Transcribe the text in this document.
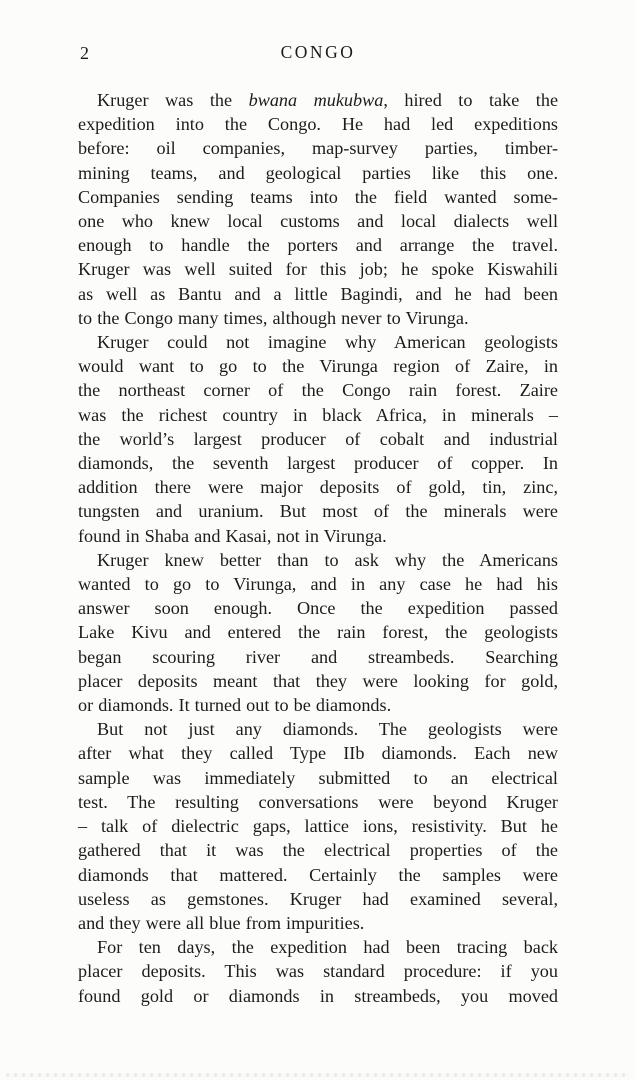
2	CONGO
Kruger was the bwana mukubwa, hired to take the
expedition into the Congo. He had led expeditions
before: oil companies, map-survey parties, timber-
mining teams, and geological parties like this one.
Companies sending teams into the field wanted some-
one who knew local customs and local dialects well
enough to handle the porters and arrange the travel.
Kruger was well suited for this job; he spoke Kiswahili
as well as Bantu and a little Bagindi, and he had been
to the Congo many times, although never to Virunga.
Kruger could not imagine why American geologists
would want to go to the Virunga region of Zaire, in
the northeast corner of the Congo rain forest. Zaire
was the richest country in black Africa, in minerals –
the world’s largest producer of cobalt and industrial
diamonds, the seventh largest producer of copper. In
addition there were major deposits of gold, tin, zinc,
tungsten and uranium. But most of the minerals were
found in Shaba and Kasai, not in Virunga.
Kruger knew better than to ask why the Americans
wanted to go to Virunga, and in any case he had his
answer soon enough. Once the expedition passed
Lake Kivu and entered the rain forest, the geologists
began scouring river and streambeds. Searching
placer deposits meant that they were looking for gold,
or diamonds. It turned out to be diamonds.
But not just any diamonds. The geologists were
after what they called Type IIb diamonds. Each new
sample was immediately submitted to an electrical
test. The resulting conversations were beyond Kruger
– talk of dielectric gaps, lattice ions, resistivity. But he
gathered that it was the electrical properties of the
diamonds that mattered. Certainly the samples were
useless as gemstones. Kruger had examined several,
and they were all blue from impurities.
For ten days, the expedition had been tracing back
placer deposits. This was standard procedure: if you
found gold or diamonds in streambeds, you moved
